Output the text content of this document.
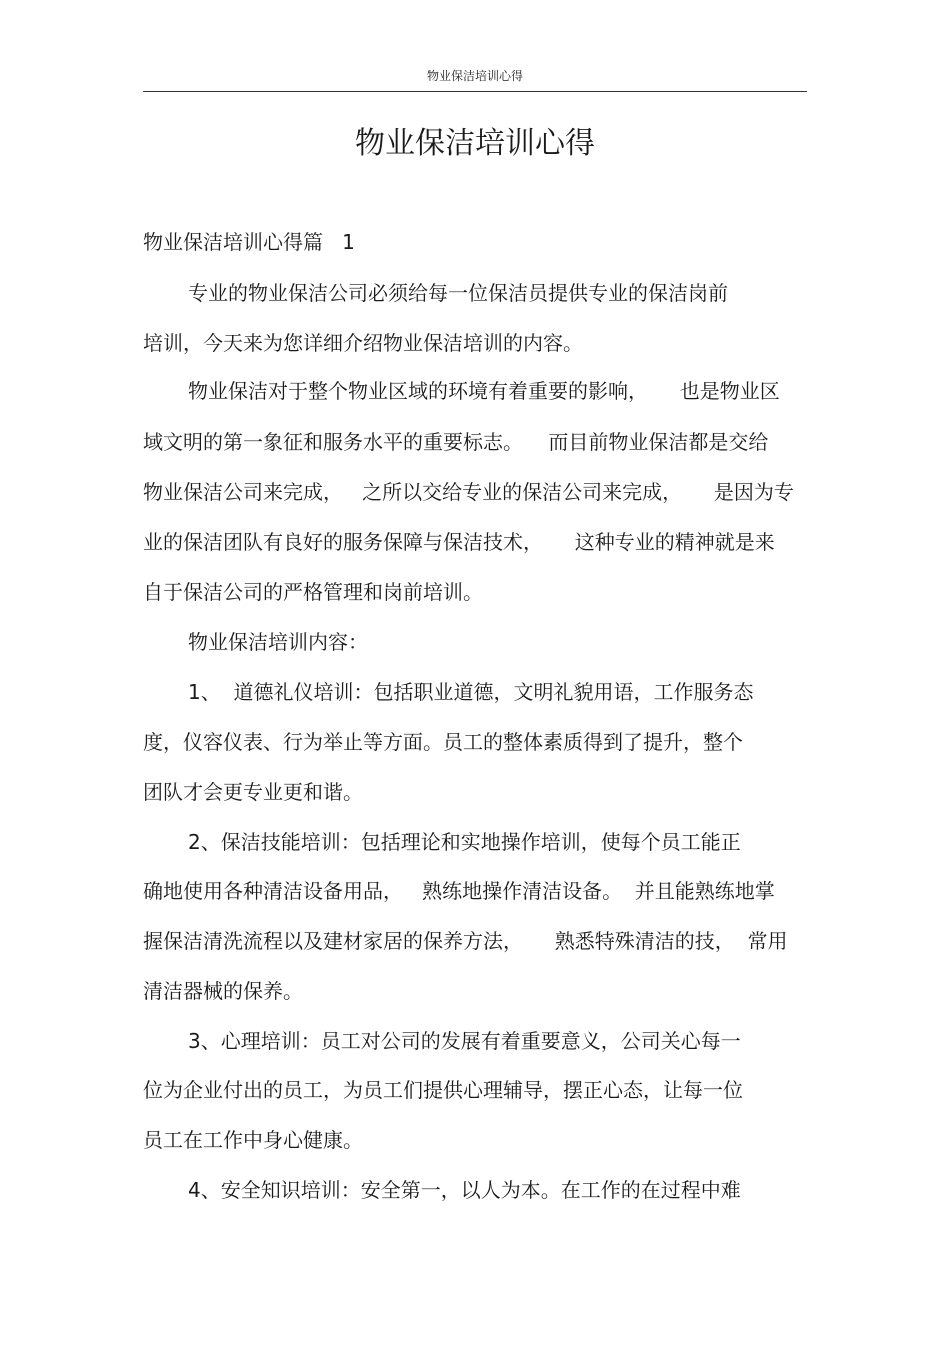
物业保洁培训心得
物业保洁培训心得
物业保洁培训心得篇   1
专业的物业保洁公司必须给每一位保洁员提供专业的保洁岗前
培训，今天来为您详细介绍物业保洁培训的内容。
物业保洁对于整个物业区域的环境有着重要的影响，     也是物业区
域文明的第一象征和服务水平的重要标志。    而目前物业保洁都是交给
物业保洁公司来完成，   之所以交给专业的保洁公司来完成，     是因为专
业的保洁团队有良好的服务保障与保洁技术，     这种专业的精神就是来
自于保洁公司的严格管理和岗前培训。
物业保洁培训内容：
1、  道德礼仪培训：包括职业道德，文明礼貌用语，工作服务态
度，仪容仪表、行为举止等方面。员工的整体素质得到了提升，整个
团队才会更专业更和谐。
2、保洁技能培训：包括理论和实地操作培训，使每个员工能正
确地使用各种清洁设备用品，   熟练地操作清洁设备。  并且能熟练地掌
握保洁清洗流程以及建材家居的保养方法，     熟悉特殊清洁的技，  常用
清洁器械的保养。
3、心理培训：员工对公司的发展有着重要意义，公司关心每一
位为企业付出的员工，为员工们提供心理辅导，摆正心态，让每一位
员工在工作中身心健康。
4、安全知识培训：安全第一，以人为本。在工作的在过程中难
